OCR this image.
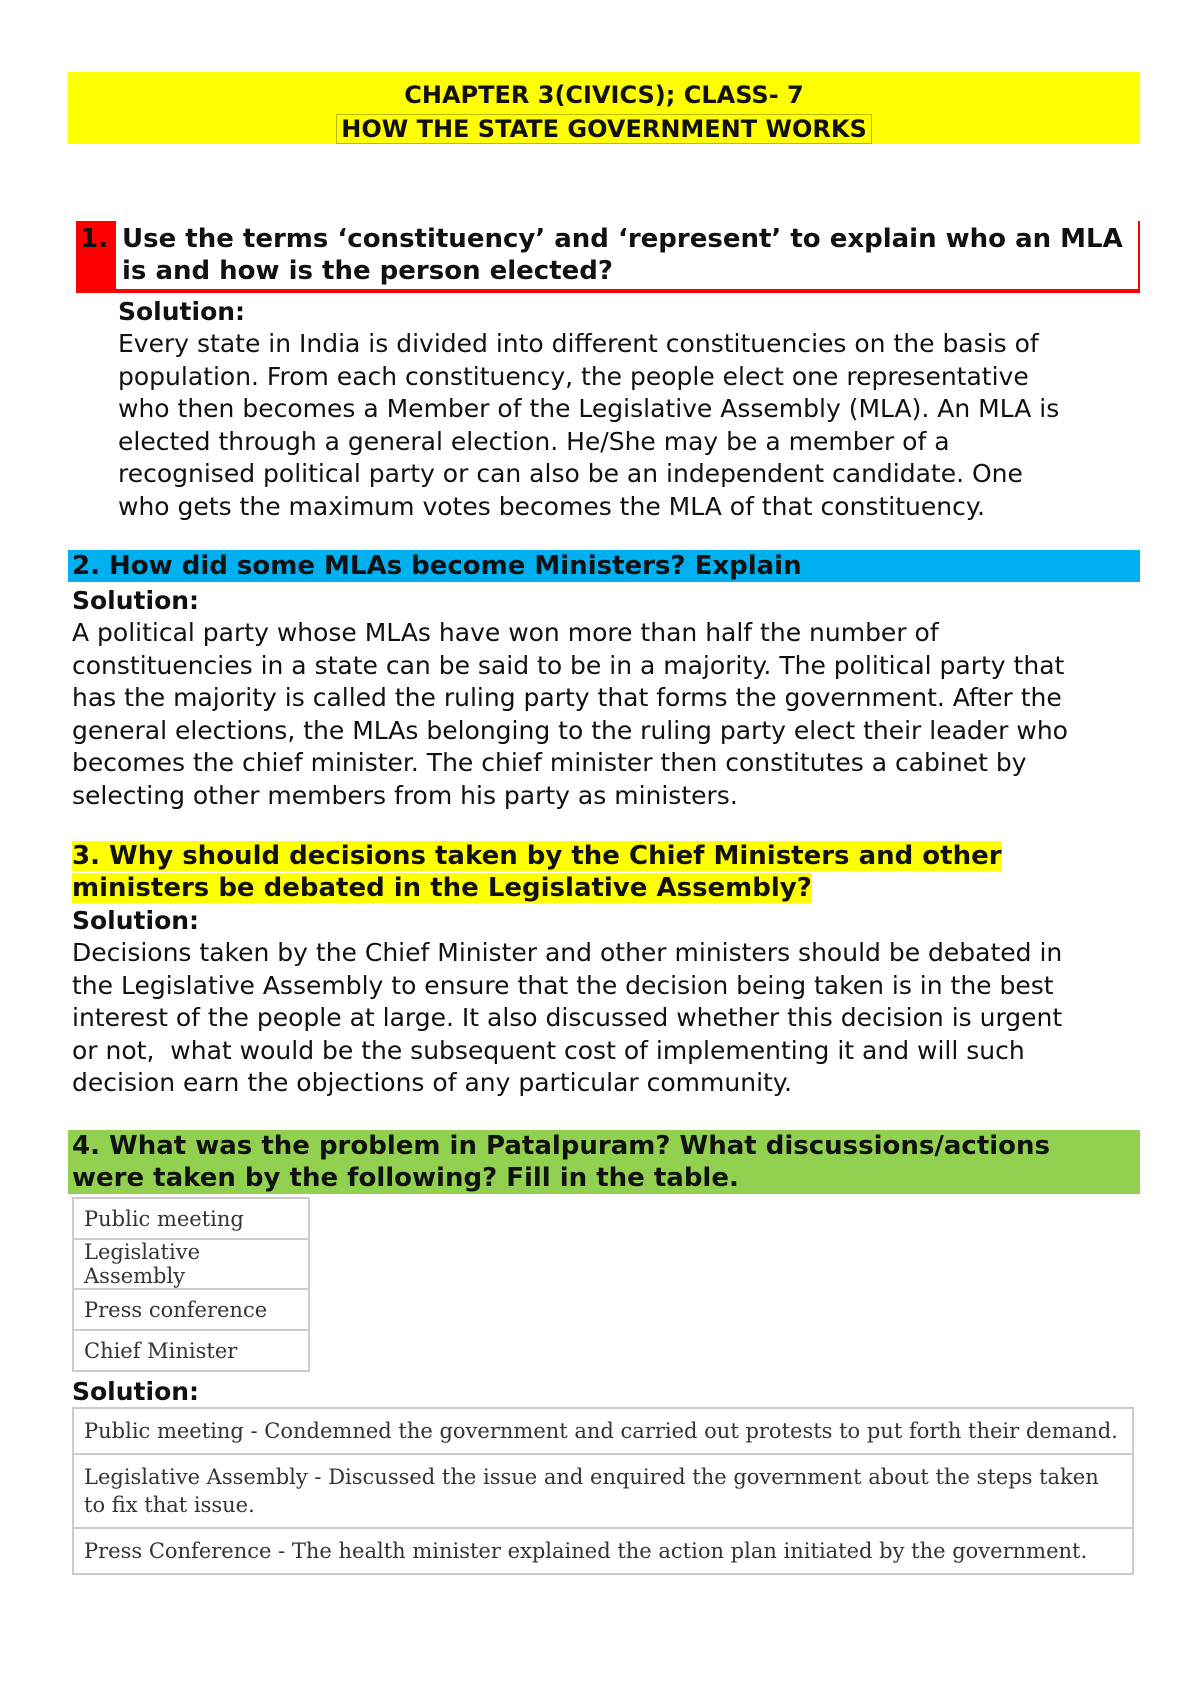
CHAPTER 3(CIVICS); CLASS- 7
HOW THE STATE GOVERNMENT WORKS
1. Use the terms ‘constituency’ and ‘represent’ to explain who an MLA
is and how is the person elected?
Solution:
Every state in India is divided into different constituencies on the basis of
population. From each constituency, the people elect one representative
who then becomes a Member of the Legislative Assembly (MLA). An MLA is
elected through a general election. He/She may be a member of a
recognised political party or can also be an independent candidate. One
who gets the maximum votes becomes the MLA of that constituency.
2. How did some MLAs become Ministers? Explain
Solution:
A political party whose MLAs have won more than half the number of
constituencies in a state can be said to be in a majority. The political party that
has the majority is called the ruling party that forms the government. After the
general elections, the MLAs belonging to the ruling party elect their leader who
becomes the chief minister. The chief minister then constitutes a cabinet by
selecting other members from his party as ministers.
3. Why should decisions taken by the Chief Ministers and other
ministers be debated in the Legislative Assembly?
Solution:
Decisions taken by the Chief Minister and other ministers should be debated in
the Legislative Assembly to ensure that the decision being taken is in the best
interest of the people at large. It also discussed whether this decision is urgent
or not,  what would be the subsequent cost of implementing it and will such
decision earn the objections of any particular community.
4. What was the problem in Patalpuram? What discussions/actions
were taken by the following? Fill in the table.
Public meeting
Legislative Assembly
Press conference
Chief Minister
Solution:
Public meeting - Condemned the government and carried out protests to put forth their demand.
Legislative Assembly - Discussed the issue and enquired the government about the steps taken to fix that issue.
Press Conference - The health minister explained the action plan initiated by the government.
